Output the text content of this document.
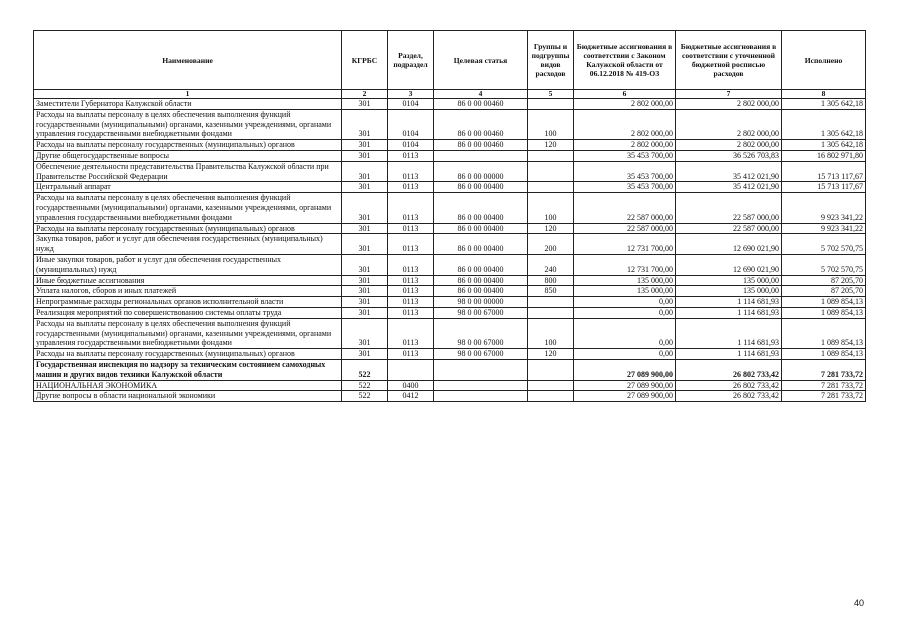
Наименование	КГРБС	Раздел, подраздел	Целевая статья	Группы и подгруппы видов расходов	Бюджетные ассигнования в соответствии с Законом Калужской области от 06.12.2018 № 419-ОЗ	Бюджетные ассигнования в соответствии с уточненной бюджетной росписью расходов	Исполнено
1	2	3	4	5	6	7	8
Заместители Губернатора Калужской области	301	0104	86 0 00 00460		2 802 000,00	2 802 000,00	1 305 642,18
Расходы на выплаты персоналу в целях обеспечения выполнения функций государственными (муниципальными) органами, казенными учреждениями, органами управления государственными внебюджетными фондами	301	0104	86 0 00 00460	100	2 802 000,00	2 802 000,00	1 305 642,18
Расходы на выплаты персоналу государственных (муниципальных) органов	301	0104	86 0 00 00460	120	2 802 000,00	2 802 000,00	1 305 642,18
Другие общегосударственные вопросы	301	0113			35 453 700,00	36 526 703,83	16 802 971,80
Обеспечение деятельности представительства Правительства Калужской области при Правительстве Российской Федерации	301	0113	86 0 00 00000		35 453 700,00	35 412 021,90	15 713 117,67
Центральный аппарат	301	0113	86 0 00 00400		35 453 700,00	35 412 021,90	15 713 117,67
Расходы на выплаты персоналу в целях обеспечения выполнения функций государственными (муниципальными) органами, казенными учреждениями, органами управления государственными внебюджетными фондами	301	0113	86 0 00 00400	100	22 587 000,00	22 587 000,00	9 923 341,22
Расходы на выплаты персоналу государственных (муниципальных) органов	301	0113	86 0 00 00400	120	22 587 000,00	22 587 000,00	9 923 341,22
Закупка товаров, работ и услуг для обеспечения государственных (муниципальных) нужд	301	0113	86 0 00 00400	200	12 731 700,00	12 690 021,90	5 702 570,75
Иные закупки товаров, работ и услуг для обеспечения государственных (муниципальных) нужд	301	0113	86 0 00 00400	240	12 731 700,00	12 690 021,90	5 702 570,75
Иные бюджетные ассигнования	301	0113	86 0 00 00400	800	135 000,00	135 000,00	87 205,70
Уплата налогов, сборов и иных платежей	301	0113	86 0 00 00400	850	135 000,00	135 000,00	87 205,70
Непрограммные расходы региональных органов исполнительной власти	301	0113	98 0 00 00000		0,00	1 114 681,93	1 089 854,13
Реализация мероприятий по совершенствованию системы оплаты труда	301	0113	98 0 00 67000		0,00	1 114 681,93	1 089 854,13
Расходы на выплаты персоналу в целях обеспечения выполнения функций государственными (муниципальными) органами, казенными учреждениями, органами управления государственными внебюджетными фондами	301	0113	98 0 00 67000	100	0,00	1 114 681,93	1 089 854,13
Расходы на выплаты персоналу государственных (муниципальных) органов	301	0113	98 0 00 67000	120	0,00	1 114 681,93	1 089 854,13
Государственная инспекция по надзору за техническим состоянием самоходных машин и других видов техники Калужской области	522				27 089 900,00	26 802 733,42	7 281 733,72
НАЦИОНАЛЬНАЯ ЭКОНОМИКА	522	0400			27 089 900,00	26 802 733,42	7 281 733,72
Другие вопросы в области национальной экономики	522	0412			27 089 900,00	26 802 733,42	7 281 733,72
40
